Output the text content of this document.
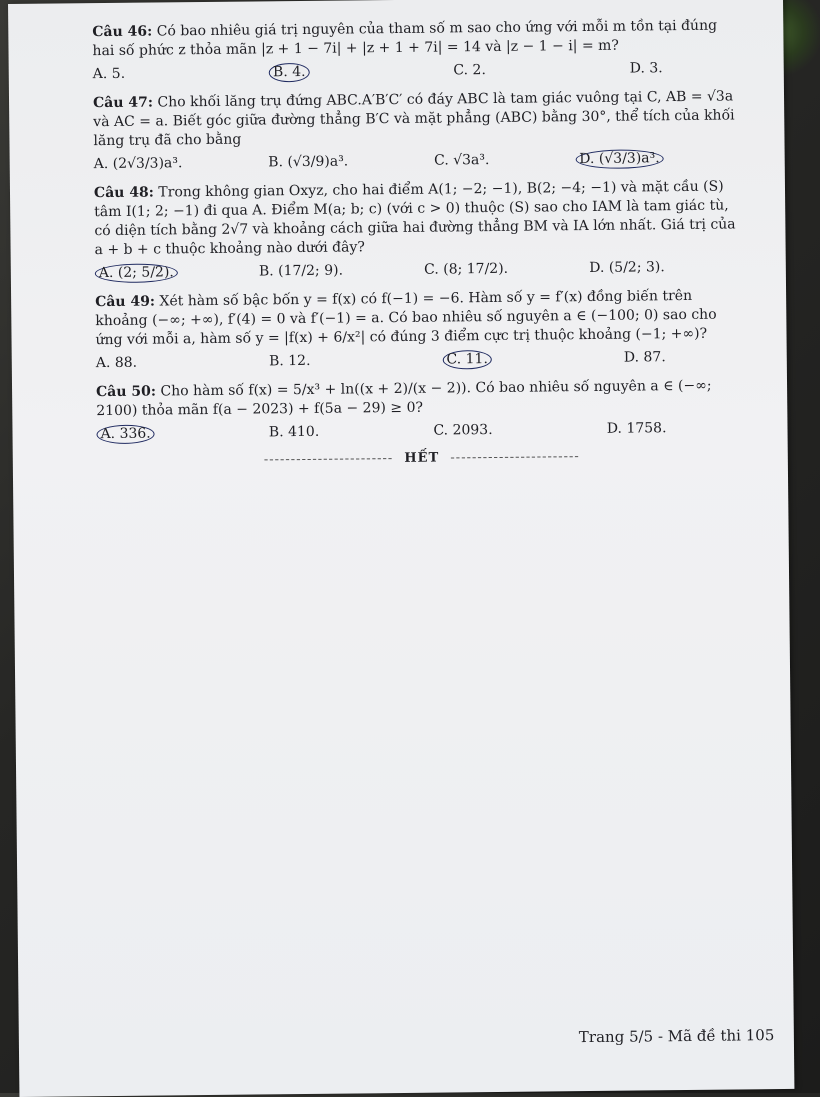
Câu 46: Có bao nhiêu giá trị nguyên của tham số m sao cho ứng với mỗi m tồn tại đúng hai số phức z thỏa mãn |z + 1 − 7i| + |z + 1 + 7i| = 14 và |z − 1 − i| = m?
A. 5.	B. 4.	C. 2.	D. 3.
Câu 47: Cho khối lăng trụ đứng ABC.A′B′C′ có đáy ABC là tam giác vuông tại C, AB = √3a và AC = a. Biết góc giữa đường thẳng B′C và mặt phẳng (ABC) bằng 30°, thể tích của khối lăng trụ đã cho bằng
A. (2√3/3)a³.	B. (√3/9)a³.	C. √3a³.	D. (√3/3)a³.
Câu 48: Trong không gian Oxyz, cho hai điểm A(1; −2; −1), B(2; −4; −1) và mặt cầu (S) tâm I(1; 2; −1) đi qua A. Điểm M(a; b; c) (với c > 0) thuộc (S) sao cho IAM là tam giác tù, có diện tích bằng 2√7 và khoảng cách giữa hai đường thẳng BM và IA lớn nhất. Giá trị của a + b + c thuộc khoảng nào dưới đây?
A. (2; 5/2).	B. (17/2; 9).	C. (8; 17/2).	D. (5/2; 3).
Câu 49: Xét hàm số bậc bốn y = f(x) có f(−1) = −6. Hàm số y = f′(x) đồng biến trên khoảng (−∞; +∞), f′(4) = 0 và f′(−1) = a. Có bao nhiêu số nguyên a ∈ (−100; 0) sao cho ứng với mỗi a, hàm số y = |f(x) + 6/x²| có đúng 3 điểm cực trị thuộc khoảng (−1; +∞)?
A. 88.	B. 12.	C. 11.	D. 87.
Câu 50: Cho hàm số f(x) = 5/x³ + ln((x + 2)/(x − 2)). Có bao nhiêu số nguyên a ∈ (−∞; 2100) thỏa mãn f(a − 2023) + f(5a − 29) ≥ 0?
A. 336.	B. 410.	C. 2093.	D. 1758.
------------------------ HẾT ------------------------
Trang 5/5 - Mã đề thi 105
